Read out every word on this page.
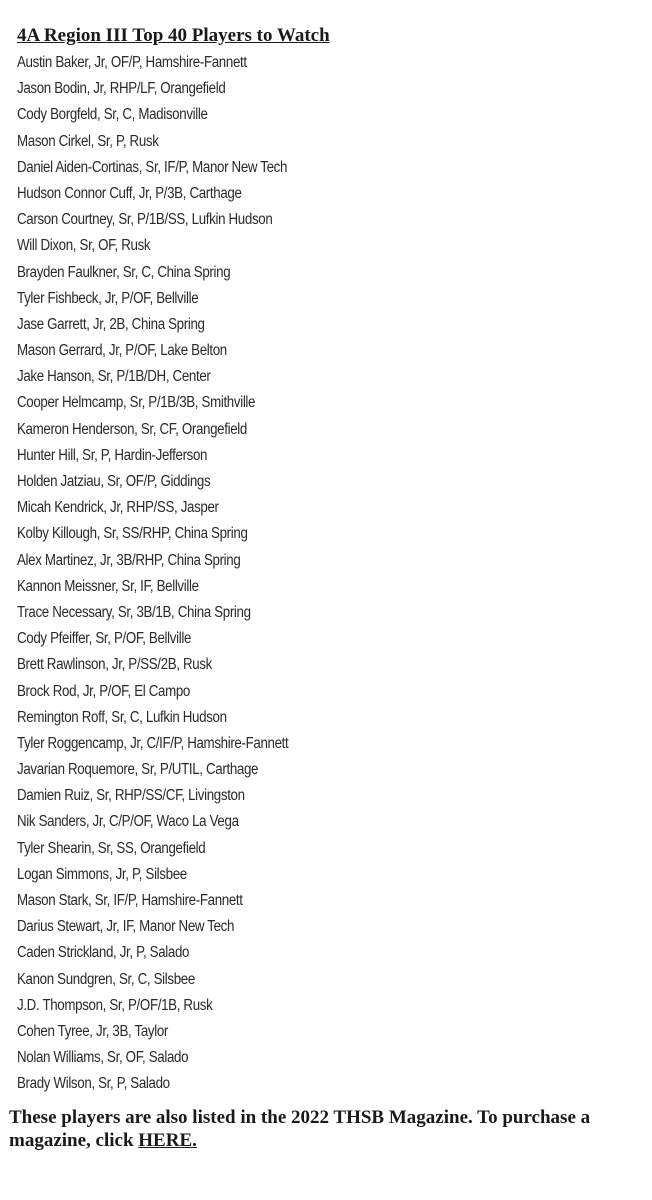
4A Region III Top 40 Players to Watch
Austin Baker, Jr, OF/P, Hamshire-Fannett
Jason Bodin, Jr, RHP/LF, Orangefield
Cody Borgfeld, Sr, C, Madisonville
Mason Cirkel, Sr, P, Rusk
Daniel Aiden-Cortinas, Sr, IF/P, Manor New Tech
Hudson Connor Cuff, Jr, P/3B, Carthage
Carson Courtney, Sr, P/1B/SS, Lufkin Hudson
Will Dixon, Sr, OF, Rusk
Brayden Faulkner, Sr, C, China Spring
Tyler Fishbeck, Jr, P/OF, Bellville
Jase Garrett, Jr, 2B, China Spring
Mason Gerrard, Jr, P/OF, Lake Belton
Jake Hanson, Sr, P/1B/DH, Center
Cooper Helmcamp, Sr, P/1B/3B, Smithville
Kameron Henderson, Sr, CF, Orangefield
Hunter Hill, Sr, P, Hardin-Jefferson
Holden Jatziau, Sr, OF/P, Giddings
Micah Kendrick, Jr, RHP/SS, Jasper
Kolby Killough, Sr, SS/RHP, China Spring
Alex Martinez, Jr, 3B/RHP, China Spring
Kannon Meissner, Sr, IF, Bellville
Trace Necessary, Sr, 3B/1B, China Spring
Cody Pfeiffer, Sr, P/OF, Bellville
Brett Rawlinson, Jr, P/SS/2B, Rusk
Brock Rod, Jr, P/OF, El Campo
Remington Roff, Sr, C, Lufkin Hudson
Tyler Roggencamp, Jr, C/IF/P, Hamshire-Fannett
Javarian Roquemore, Sr, P/UTIL, Carthage
Damien Ruiz, Sr, RHP/SS/CF, Livingston
Nik Sanders, Jr, C/P/OF, Waco La Vega
Tyler Shearin, Sr, SS, Orangefield
Logan Simmons, Jr, P, Silsbee
Mason Stark, Sr, IF/P, Hamshire-Fannett
Darius Stewart, Jr, IF, Manor New Tech
Caden Strickland, Jr, P, Salado
Kanon Sundgren, Sr, C, Silsbee
J.D. Thompson, Sr, P/OF/1B, Rusk
Cohen Tyree, Jr, 3B, Taylor
Nolan Williams, Sr, OF, Salado
Brady Wilson, Sr, P, Salado
These players are also listed in the 2022 THSB Magazine. To purchase a magazine, click HERE.
